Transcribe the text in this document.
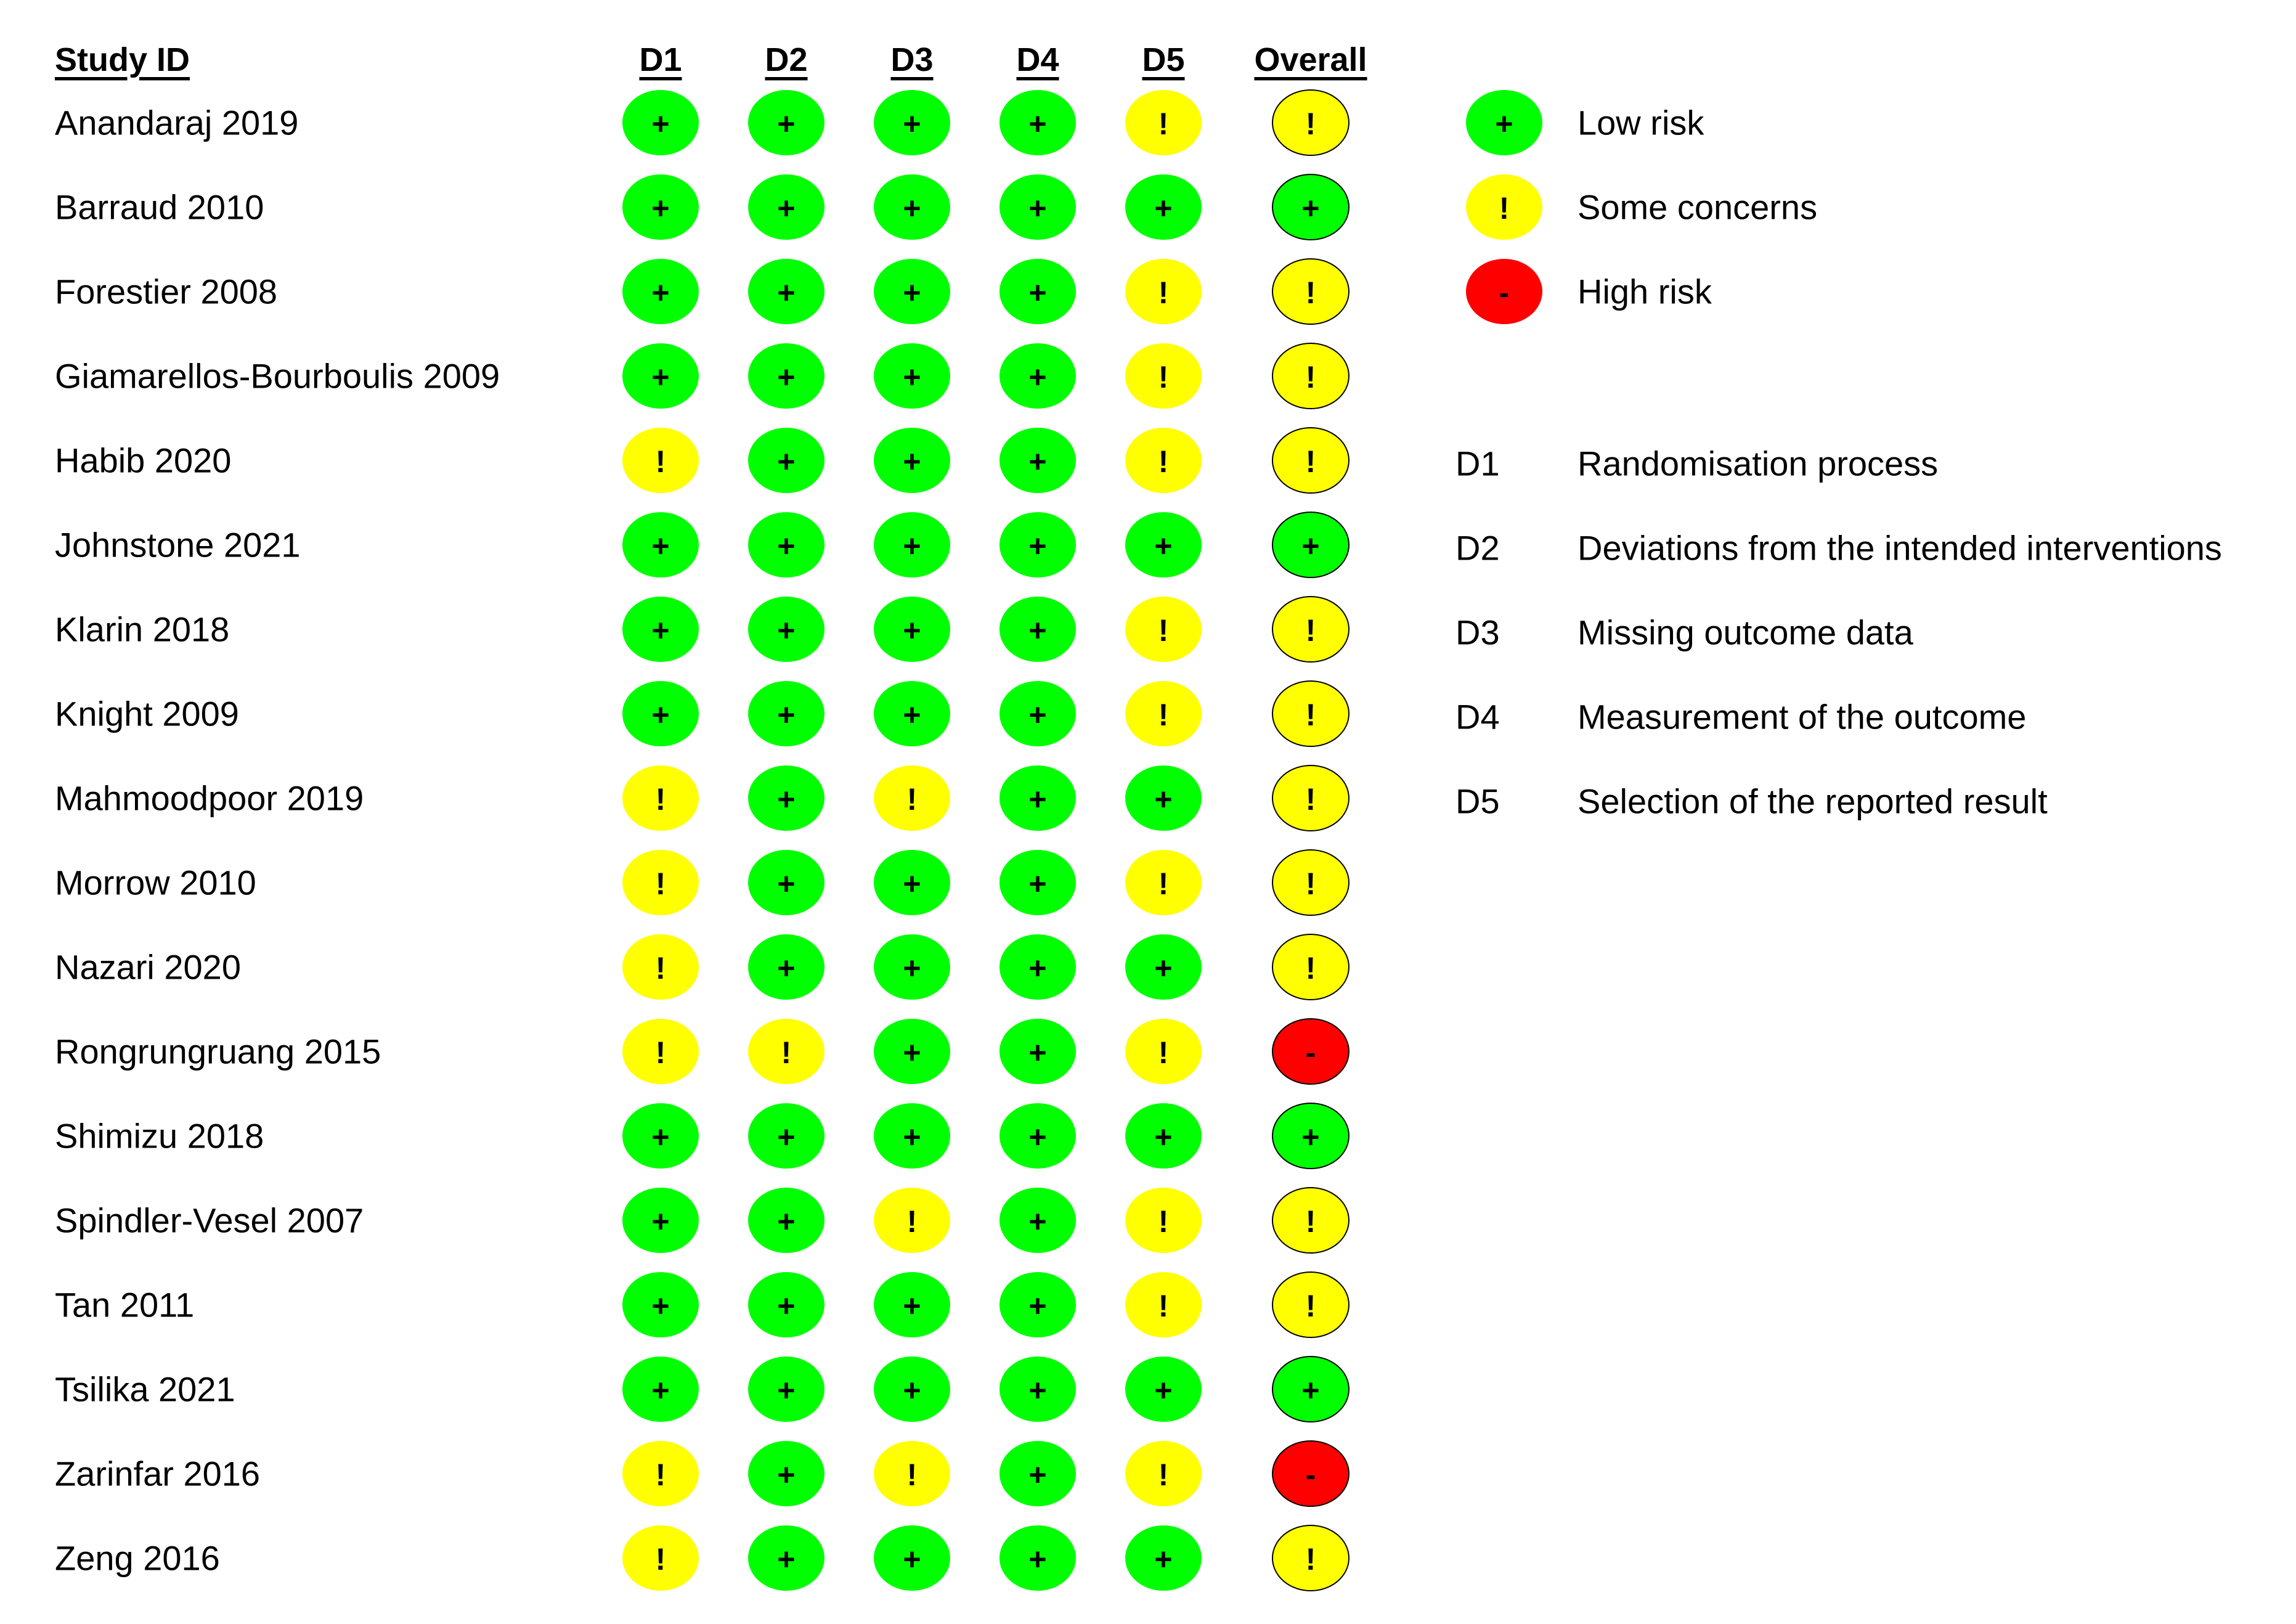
Study ID	D1 D2 D3 D4 D5 Overall
Anandaraj 2019	+	+	+	+	!	!
Barraud 2010	+	+	+	+	+	+
Forestier 2008	+	+	+	+	!	!
Giamarellos-Bourboulis 2009	+	+	+	+	!	!
Habib 2020	!	+	+	+	!	!
Johnstone 2021	+	+	+	+	+	+
Klarin 2018	+	+	+	+	!	!
Knight 2009	+	+	+	+	!	!
Mahmoodpoor 2019	!	+	!	+	+	!
Morrow 2010	!	+	+	+	!	!
Nazari 2020	!	+	+	+	+	!
Rongrungruang 2015	!	!	+	+	!	-
Shimizu 2018	+	+	+	+	+	+
Spindler-Vesel 2007	+	+	!	+	!	!
Tan 2011	+	+	+	+	!	!
Tsilika 2021	+	+	+	+	+	+
Zarinfar 2016	!	+	!	+	!	-
Zeng 2016	!	+	+	+	+	!
+ Low risk
! Some concerns
- High risk
D1 Randomisation process
D2 Deviations from the intended interventions
D3 Missing outcome data
D4 Measurement of the outcome
D5 Selection of the reported result
